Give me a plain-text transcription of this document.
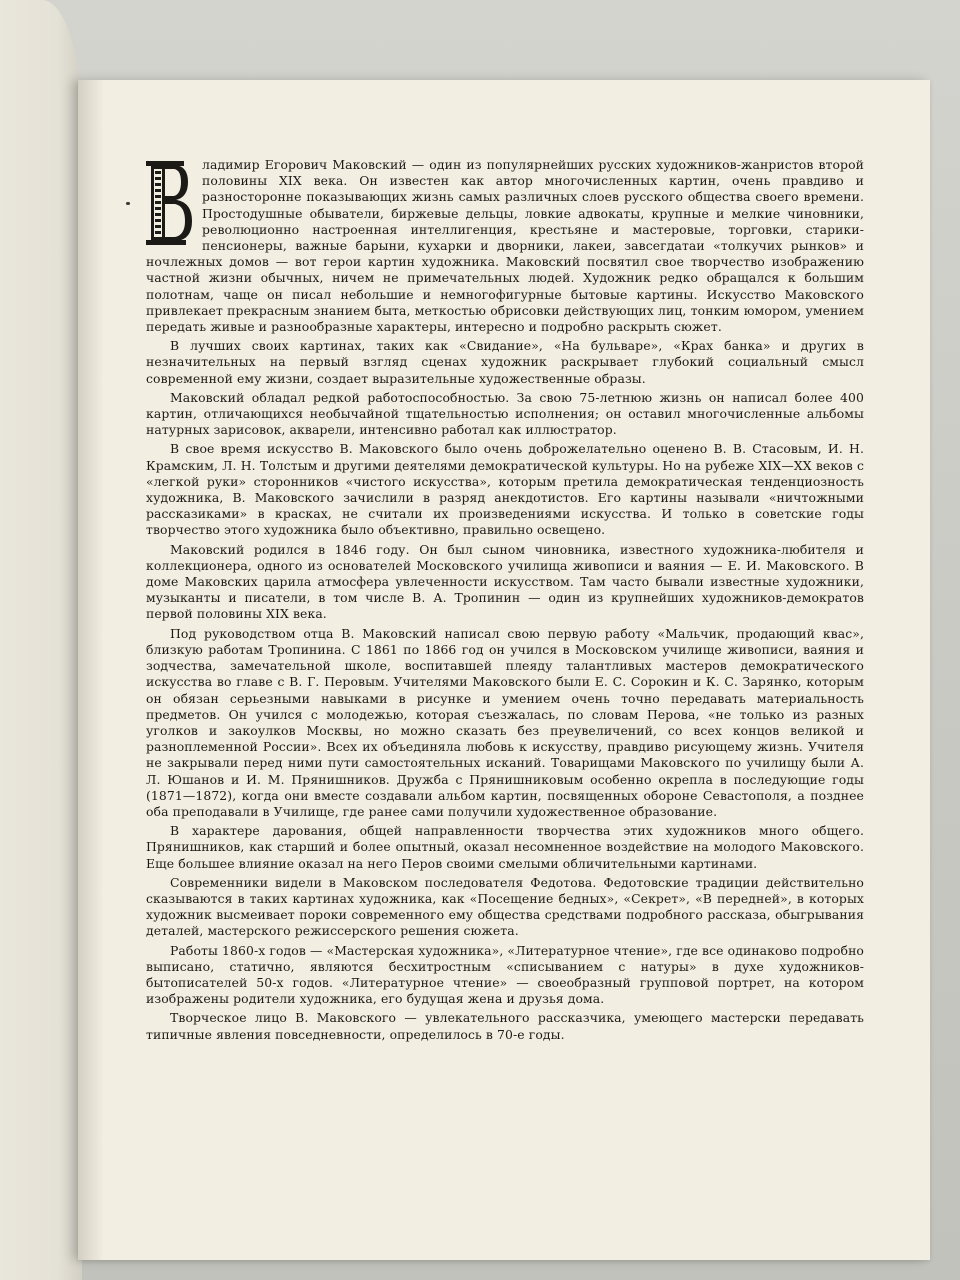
ладимир Егорович Маковский — один из популярнейших русских художников-жанристов второй половины XIX века. Он известен как автор многочисленных картин, очень правдиво и разносторонне показывающих жизнь самых различных слоев русского общества своего времени. Простодушные обыватели, биржевые дельцы, ловкие адвокаты, крупные и мелкие чиновники, революционно настроенная интеллигенция, крестьяне и мастеровые, торговки, старики-пенсионеры, важные барыни, кухарки и дворники, лакеи, завсегдатаи «толкучих рынков» и ночлежных домов — вот герои картин художника. Маковский посвятил свое творчество изображению частной жизни обычных, ничем не примечательных людей. Художник редко обращался к большим полотнам, чаще он писал небольшие и немногофигурные бытовые картины. Искусство Маковского привлекает прекрасным знанием быта, меткостью обрисовки действующих лиц, тонким юмором, умением передать живые и разнообразные характеры, интересно и подробно раскрыть сюжет.

В лучших своих картинах, таких как «Свидание», «На бульваре», «Крах банка» и других в незначительных на первый взгляд сценах художник раскрывает глубокий социальный смысл современной ему жизни, создает выразительные художественные образы.

Маковский обладал редкой работоспособностью. За свою 75-летнюю жизнь он написал более 400 картин, отличающихся необычайной тщательностью исполнения; он оставил многочисленные альбомы натурных зарисовок, акварели, интенсивно работал как иллюстратор.

В свое время искусство В. Маковского было очень доброжелательно оценено В. В. Стасовым, И. Н. Крамским, Л. Н. Толстым и другими деятелями демократической культуры. Но на рубеже XIX—XX веков с «легкой руки» сторонников «чистого искусства», которым претила демократическая тенденциозность художника, В. Маковского зачислили в разряд анекдотистов. Его картины называли «ничтожными рассказиками» в красках, не считали их произведениями искусства. И только в советские годы творчество этого художника было объективно, правильно освещено.

Маковский родился в 1846 году. Он был сыном чиновника, известного художника-любителя и коллекционера, одного из основателей Московского училища живописи и ваяния — Е. И. Маковского. В доме Маковских царила атмосфера увлеченности искусством. Там часто бывали известные художники, музыканты и писатели, в том числе В. А. Тропинин — один из крупнейших художников-демократов первой половины XIX века.

Под руководством отца В. Маковский написал свою первую работу «Мальчик, продающий квас», близкую работам Тропинина. С 1861 по 1866 год он учился в Московском училище живописи, ваяния и зодчества, замечательной школе, воспитавшей плеяду талантливых мастеров демократического искусства во главе с В. Г. Перовым. Учителями Маковского были Е. С. Сорокин и К. С. Зарянко, которым он обязан серьезными навыками в рисунке и умением очень точно передавать материальность предметов. Он учился с молодежью, которая съезжалась, по словам Перова, «не только из разных уголков и закоулков Москвы, но можно сказать без преувеличений, со всех концов великой и разноплеменной России». Всех их объединяла любовь к искусству, правдиво рисующему жизнь. Учителя не закрывали перед ними пути самостоятельных исканий. Товарищами Маковского по училищу были А. Л. Юшанов и И. М. Прянишников. Дружба с Прянишниковым особенно окрепла в последующие годы (1871—1872), когда они вместе создавали альбом картин, посвященных обороне Севастополя, а позднее оба преподавали в Училище, где ранее сами получили художественное образование.

В характере дарования, общей направленности творчества этих художников много общего. Прянишников, как старший и более опытный, оказал несомненное воздействие на молодого Маковского. Еще большее влияние оказал на него Перов своими смелыми обличительными картинами.

Современники видели в Маковском последователя Федотова. Федотовские традиции действительно сказываются в таких картинах художника, как «Посещение бедных», «Секрет», «В передней», в которых художник высмеивает пороки современного ему общества средствами подробного рассказа, обыгрывания деталей, мастерского режиссерского решения сюжета.

Работы 1860-х годов — «Мастерская художника», «Литературное чтение», где все одинаково подробно выписано, статично, являются бесхитростным «списыванием с натуры» в духе художников-бытописателей 50-х годов. «Литературное чтение» — своеобразный групповой портрет, на котором изображены родители художника, его будущая жена и друзья дома.

Творческое лицо В. Маковского — увлекательного рассказчика, умеющего мастерски передавать типичные явления повседневности, определилось в 70-е годы.
